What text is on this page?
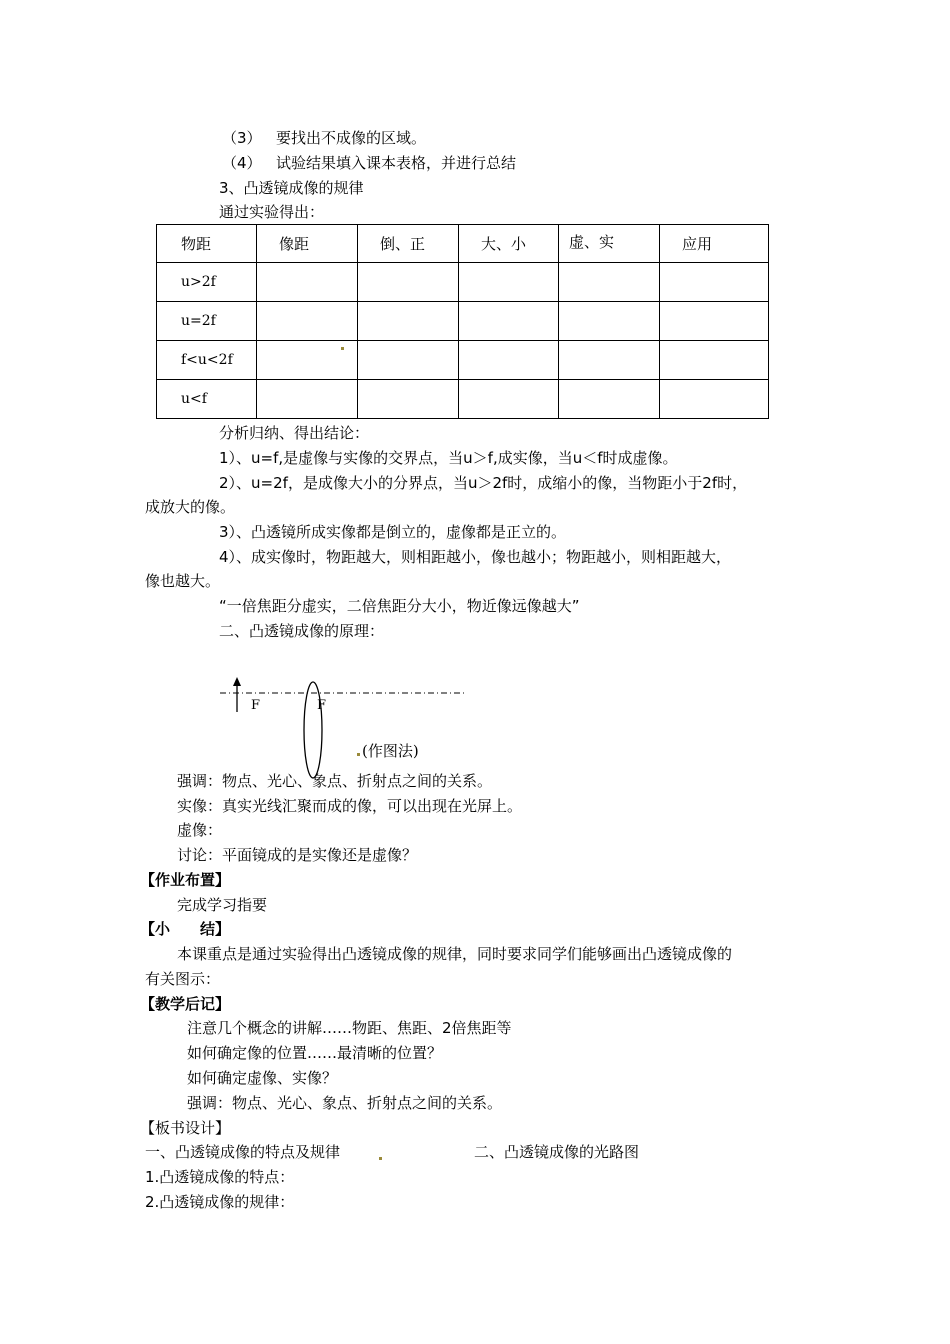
（3） 要找出不成像的区域。
（4） 试验结果填入课本表格，并进行总结
3、凸透镜成像的规律
通过实验得出：
物距	像距	倒、正	大、小	虚、实	应用
u>2f					
u=2f					
f<u<2f					
u<f					
分析归纳、得出结论：
1）、u=f,是虚像与实像的交界点，当u＞f,成实像，当u＜f时成虚像。
2）、u=2f，是成像大小的分界点，当u＞2f时，成缩小的像，当物距小于2f时，
成放大的像。
3）、凸透镜所成实像都是倒立的，虚像都是正立的。
4）、成实像时，物距越大，则相距越小，像也越小；物距越小，则相距越大，
像也越大。
“一倍焦距分虚实，二倍焦距分大小，物近像远像越大”
二、凸透镜成像的原理：
F	F
(作图法)
强调：物点、光心、象点、折射点之间的关系。
实像：真实光线汇聚而成的像，可以出现在光屏上。
虚像：
讨论：平面镜成的是实像还是虚像？
【作业布置】
完成学习指要
【小　　结】
本课重点是通过实验得出凸透镜成像的规律，同时要求同学们能够画出凸透镜成像的
有关图示：
【教学后记】
注意几个概念的讲解……物距、焦距、2倍焦距等
如何确定像的位置……最清晰的位置？
如何确定虚像、实像？
强调：物点、光心、象点、折射点之间的关系。
【板书设计】
一、凸透镜成像的特点及规律	二、凸透镜成像的光路图
1.凸透镜成像的特点：
2.凸透镜成像的规律：
